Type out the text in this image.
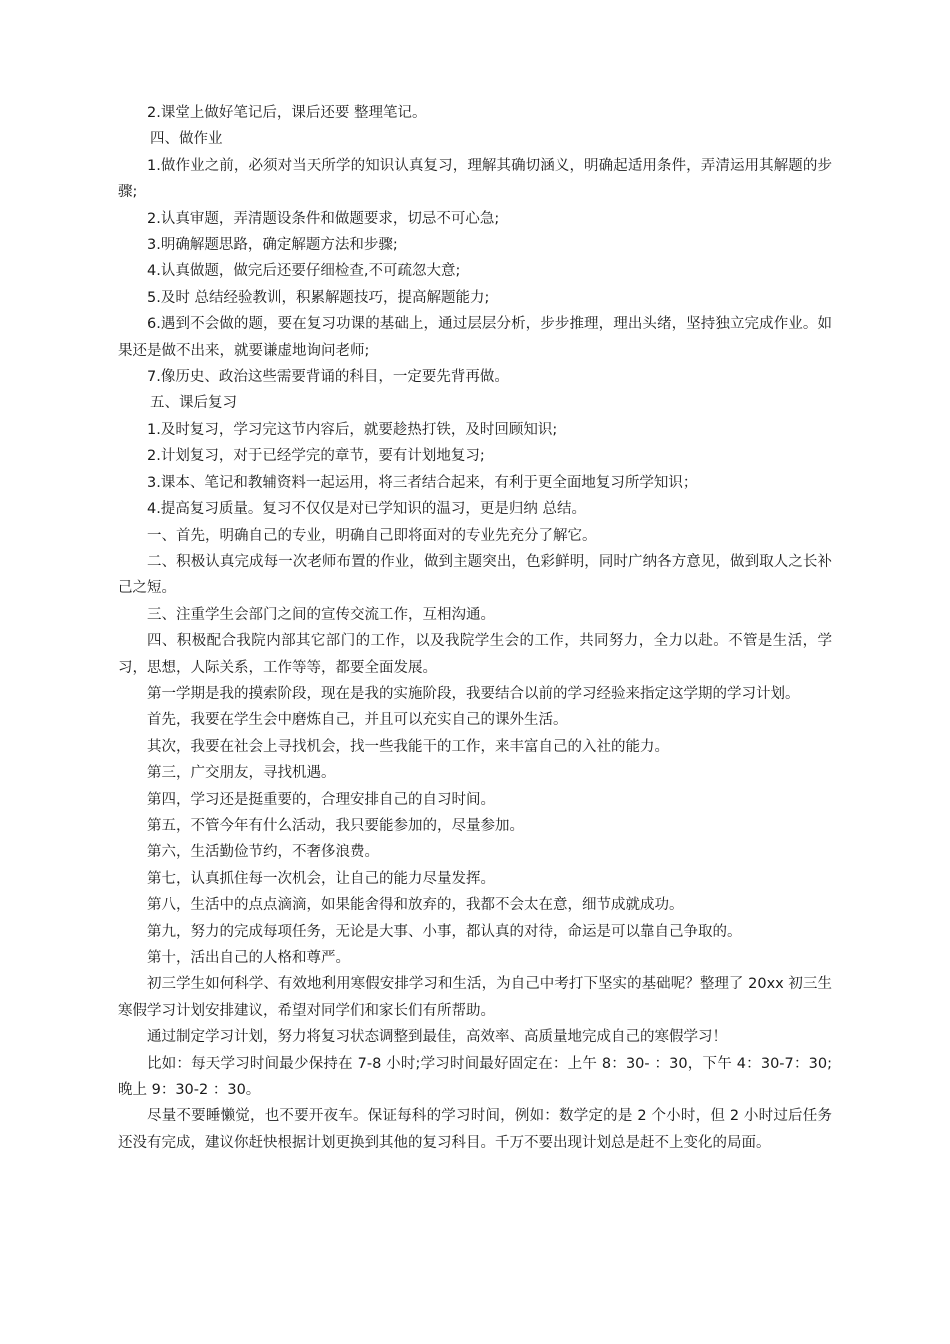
2.课堂上做好笔记后，课后还要 整理笔记。

四、做作业

1.做作业之前，必须对当天所学的知识认真复习，理解其确切涵义，明确起适用条件，弄清运用其解题的步骤;

2.认真审题，弄清题设条件和做题要求，切忌不可心急;

3.明确解题思路，确定解题方法和步骤;

4.认真做题，做完后还要仔细检查,不可疏忽大意;

5.及时 总结经验教训，积累解题技巧，提高解题能力;

6.遇到不会做的题，要在复习功课的基础上，通过层层分析，步步推理，理出头绪，坚持独立完成作业。如果还是做不出来，就要谦虚地询问老师;

7.像历史、政治这些需要背诵的科目，一定要先背再做。

五、课后复习

1.及时复习，学习完这节内容后，就要趁热打铁，及时回顾知识;

2.计划复习，对于已经学完的章节，要有计划地复习;

3.课本、笔记和教辅资料一起运用，将三者结合起来，有利于更全面地复习所学知识；

4.提高复习质量。复习不仅仅是对已学知识的温习，更是归纳 总结。

一、首先，明确自己的专业，明确自己即将面对的专业先充分了解它。

二、积极认真完成每一次老师布置的作业，做到主题突出，色彩鲜明，同时广纳各方意见，做到取人之长补己之短。

三、注重学生会部门之间的宣传交流工作，互相沟通。

四、积极配合我院内部其它部门的工作，以及我院学生会的工作，共同努力，全力以赴。不管是生活，学习，思想，人际关系，工作等等，都要全面发展。

第一学期是我的摸索阶段，现在是我的实施阶段，我要结合以前的学习经验来指定这学期的学习计划。

首先，我要在学生会中磨炼自己，并且可以充实自己的课外生活。

其次，我要在社会上寻找机会，找一些我能干的工作，来丰富自己的入社的能力。

第三，广交朋友，寻找机遇。

第四，学习还是挺重要的，合理安排自己的自习时间。

第五，不管今年有什么活动，我只要能参加的，尽量参加。

第六，生活勤俭节约，不奢侈浪费。

第七，认真抓住每一次机会，让自己的能力尽量发挥。

第八，生活中的点点滴滴，如果能舍得和放弃的，我都不会太在意，细节成就成功。

第九，努力的完成每项任务，无论是大事、小事，都认真的对待，命运是可以靠自己争取的。

第十，活出自己的人格和尊严。

初三学生如何科学、有效地利用寒假安排学习和生活，为自己中考打下坚实的基础呢？整理了 20xx 初三生寒假学习计划安排建议，希望对同学们和家长们有所帮助。

通过制定学习计划，努力将复习状态调整到最佳，高效率、高质量地完成自己的寒假学习！

比如：每天学习时间最少保持在 7-8 小时;学习时间最好固定在：上午 8：30- ：30，下午 4：30-7：30;晚上 9：30-2 ：30。

尽量不要睡懒觉，也不要开夜车。保证每科的学习时间，例如：数学定的是 2 个小时，但 2 小时过后任务还没有完成，建议你赶快根据计划更换到其他的复习科目。千万不要出现计划总是赶不上变化的局面。
